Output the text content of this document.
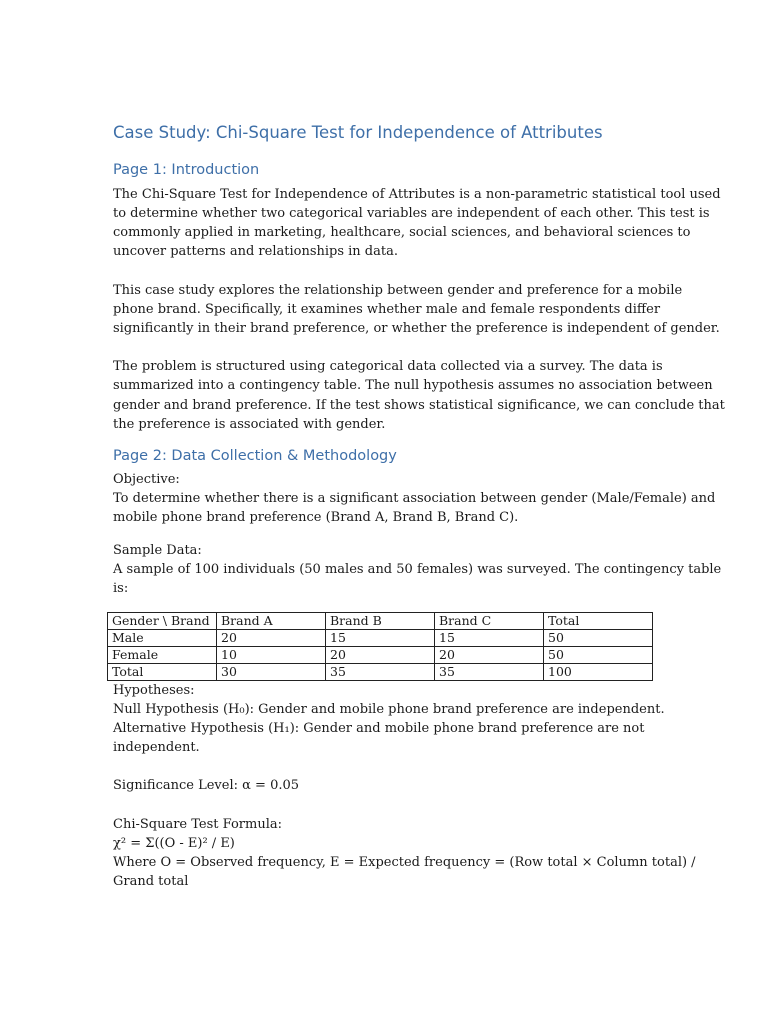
Case Study: Chi-Square Test for Independence of Attributes
Page 1: Introduction

The Chi-Square Test for Independence of Attributes is a non-parametric statistical tool used

to determine whether two categorical variables are independent of each other. This test is

commonly applied in marketing, healthcare, social sciences, and behavioral sciences to

uncover patterns and relationships in data.

This case study explores the relationship between gender and preference for a mobile

phone brand. Specifically, it examines whether male and female respondents differ

significantly in their brand preference, or whether the preference is independent of gender.

The problem is structured using categorical data collected via a survey. The data is

summarized into a contingency table. The null hypothesis assumes no association between

gender and brand preference. If the test shows statistical significance, we can conclude that

the preference is associated with gender.

Page 2: Data Collection & Methodology

Objective:

To determine whether there is a significant association between gender (Male/Female) and

mobile phone brand preference (Brand A, Brand B, Brand C).

Sample Data:

A sample of 100 individuals (50 males and 50 females) was surveyed. The contingency table

is:

Gender \ Brand	Brand A	Brand B	Brand C	Total
Male	20	15	15	50
Female	10	20	20	50
Total	30	35	35	100

Hypotheses:

Null Hypothesis (H₀): Gender and mobile phone brand preference are independent.

Alternative Hypothesis (H₁): Gender and mobile phone brand preference are not

independent.

Significance Level: α = 0.05

Chi-Square Test Formula:

χ² = Σ((O - E)² / E)

Where O = Observed frequency, E = Expected frequency = (Row total × Column total) /

Grand total
